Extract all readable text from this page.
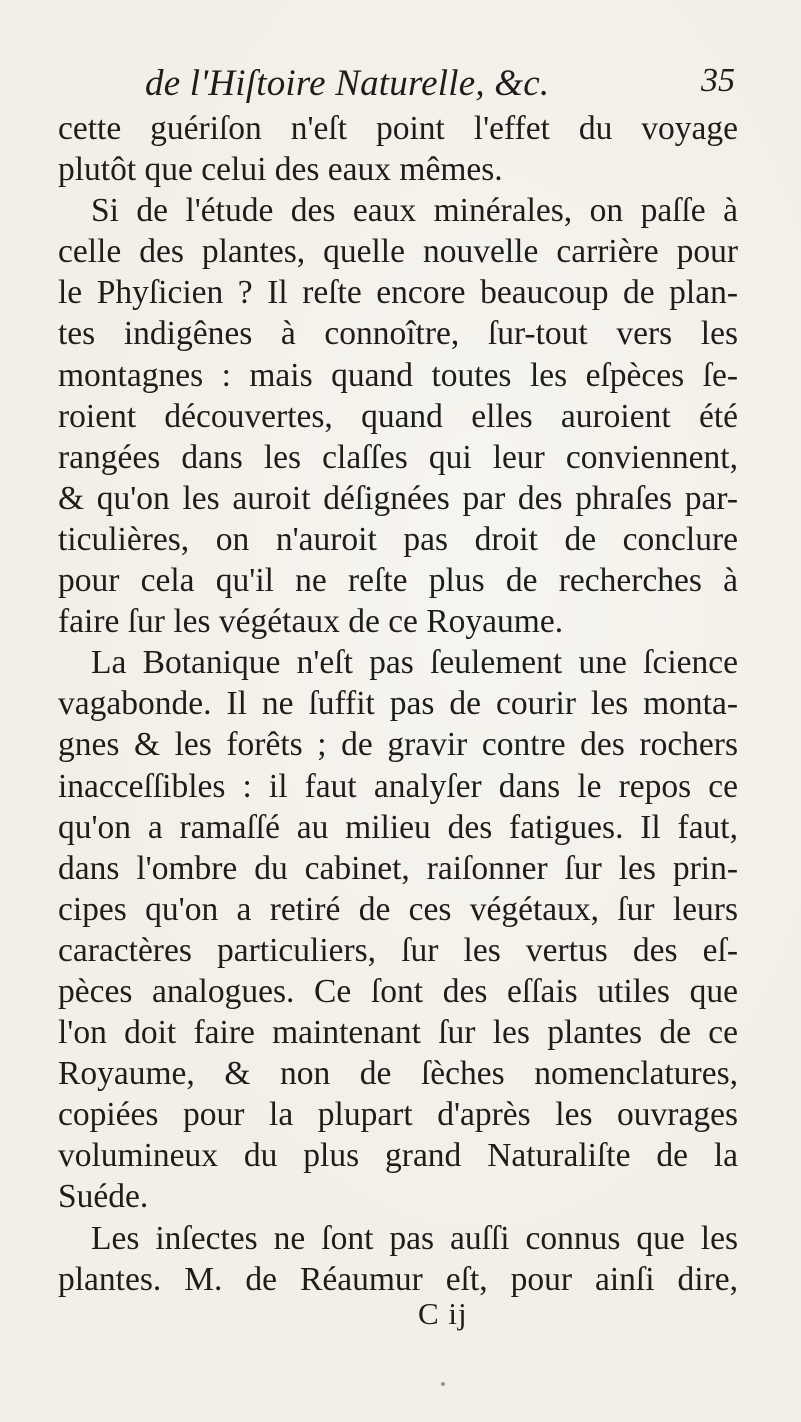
de l'Hiſtoire Naturelle, &c.	35
cette guériſon n'eſt point l'effet du voyage
plutôt que celui des eaux mêmes.
Si de l'étude des eaux minérales, on paſſe à
celle des plantes, quelle nouvelle carrière pour
le Phyſicien ? Il reſte encore beaucoup de plan-
tes indigênes à connoître, ſur-tout vers les
montagnes : mais quand toutes les eſpèces ſe-
roient découvertes, quand elles auroient été
rangées dans les claſſes qui leur conviennent,
& qu'on les auroit déſignées par des phraſes par-
ticulières, on n'auroit pas droit de conclure
pour cela qu'il ne reſte plus de recherches à
faire ſur les végétaux de ce Royaume.
La Botanique n'eſt pas ſeulement une ſcience
vagabonde. Il ne ſuffit pas de courir les monta-
gnes & les forêts ; de gravir contre des rochers
inacceſſibles : il faut analyſer dans le repos ce
qu'on a ramaſſé au milieu des fatigues. Il faut,
dans l'ombre du cabinet, raiſonner ſur les prin-
cipes qu'on a retiré de ces végétaux, ſur leurs
caractères particuliers, ſur les vertus des eſ-
pèces analogues. Ce ſont des eſſais utiles que
l'on doit faire maintenant ſur les plantes de ce
Royaume, & non de ſèches nomenclatures,
copiées pour la plupart d'après les ouvrages
volumineux du plus grand Naturaliſte de la
Suéde.
Les inſectes ne ſont pas auſſi connus que les
plantes. M. de Réaumur eſt, pour ainſi dire,
C ij
